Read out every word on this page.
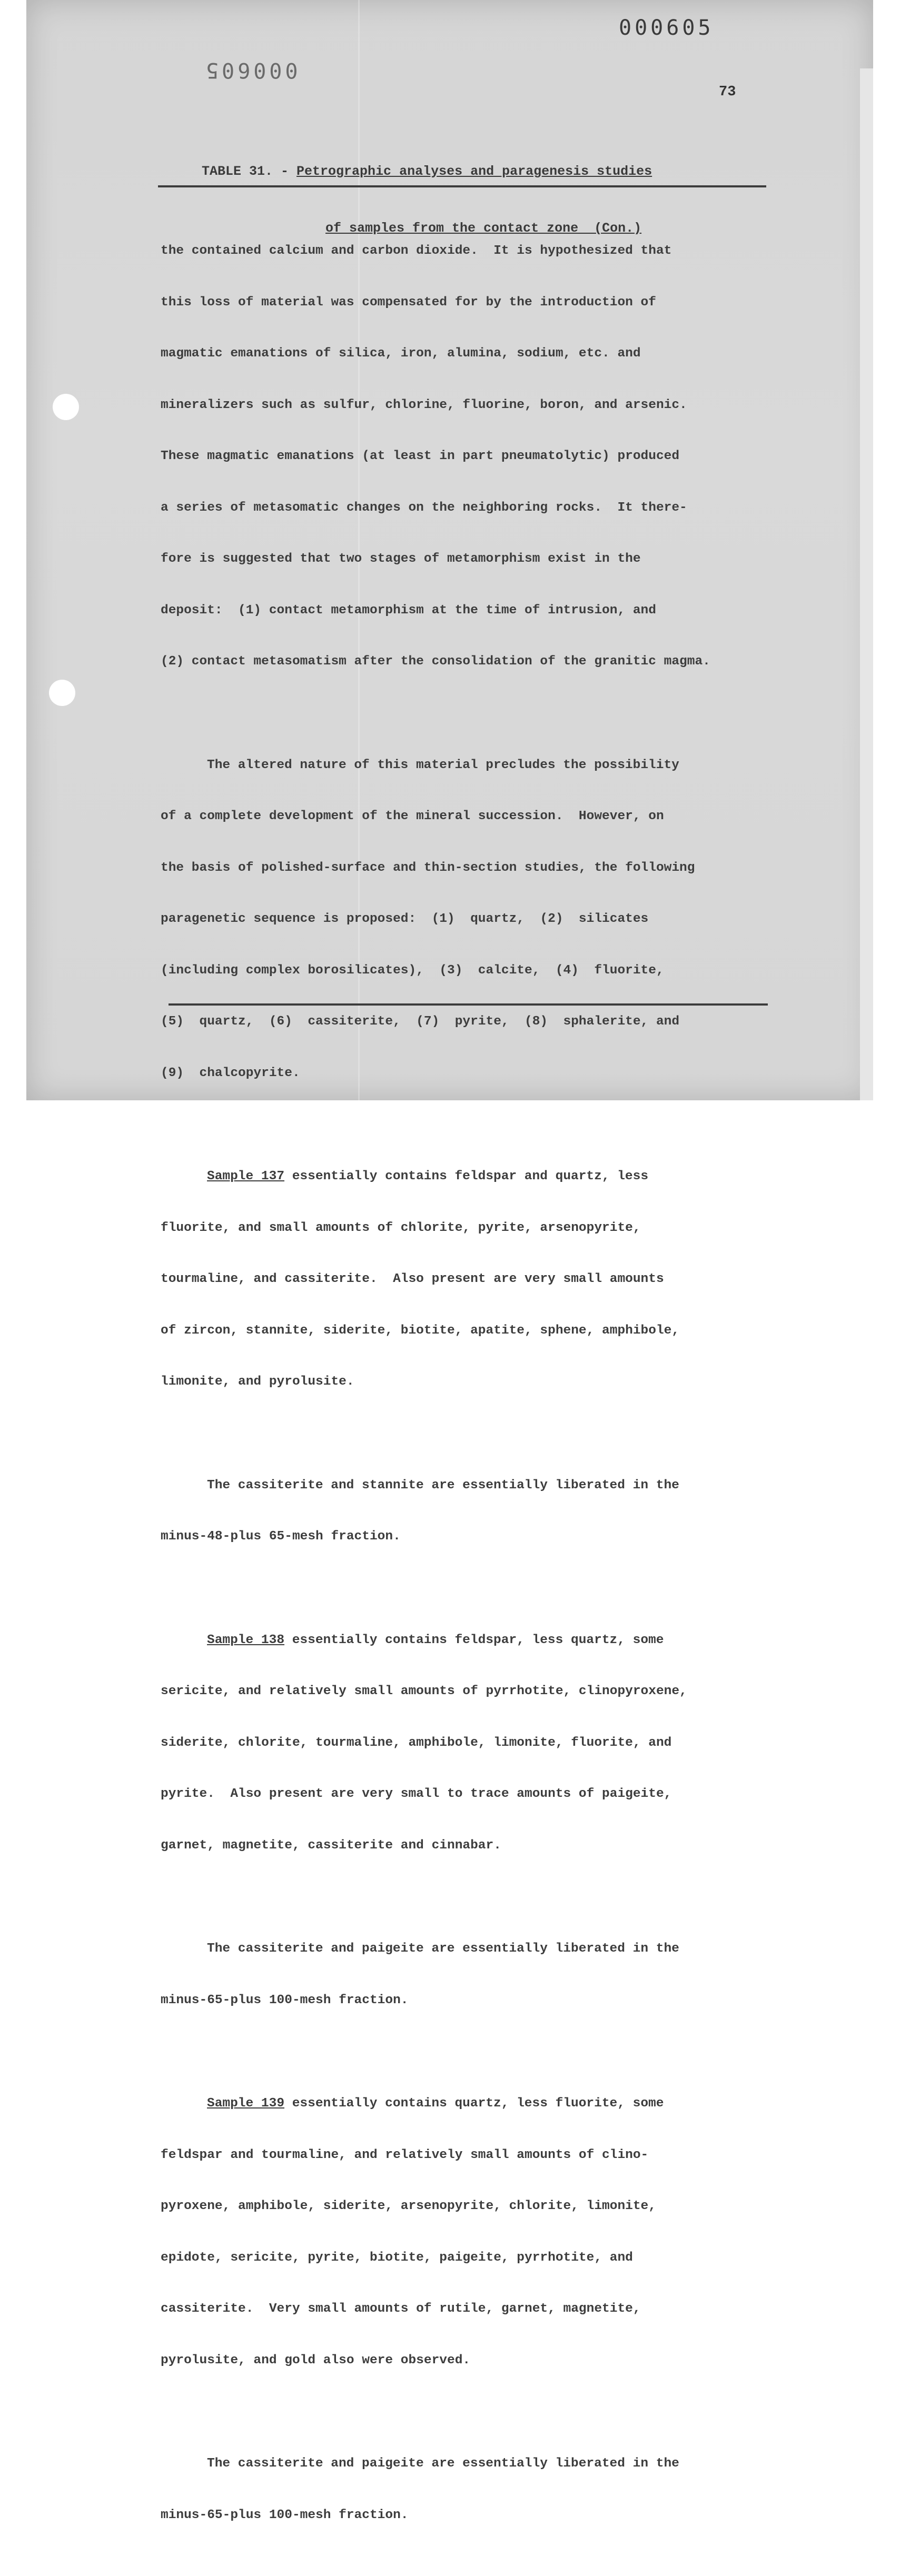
000605
000605
73

TABLE 31. - Petrographic analyses and paragenesis studies

of samples from the contact zone  (Con.)

the contained calcium and carbon dioxide.  It is hypothesized that

this loss of material was compensated for by the introduction of

magmatic emanations of silica, iron, alumina, sodium, etc. and

mineralizers such as sulfur, chlorine, fluorine, boron, and arsenic.

These magmatic emanations (at least in part pneumatolytic) produced

a series of metasomatic changes on the neighboring rocks.  It there-

fore is suggested that two stages of metamorphism exist in the

deposit:  (1) contact metamorphism at the time of intrusion, and

(2) contact metasomatism after the consolidation of the granitic magma.

The altered nature of this material precludes the possibility

of a complete development of the mineral succession.  However, on

the basis of polished-surface and thin-section studies, the following

paragenetic sequence is proposed:  (1)  quartz,  (2)  silicates

(including complex borosilicates),  (3)  calcite,  (4)  fluorite,

(5)  quartz,  (6)  cassiterite,  (7)  pyrite,  (8)  sphalerite, and

(9)  chalcopyrite.

Sample 137 essentially contains feldspar and quartz, less

fluorite, and small amounts of chlorite, pyrite, arsenopyrite,

tourmaline, and cassiterite.  Also present are very small amounts

of zircon, stannite, siderite, biotite, apatite, sphene, amphibole,

limonite, and pyrolusite.

The cassiterite and stannite are essentially liberated in the

minus-48-plus 65-mesh fraction.

Sample 138 essentially contains feldspar, less quartz, some

sericite, and relatively small amounts of pyrrhotite, clinopyroxene,

siderite, chlorite, tourmaline, amphibole, limonite, fluorite, and

pyrite.  Also present are very small to trace amounts of paigeite,

garnet, magnetite, cassiterite and cinnabar.

The cassiterite and paigeite are essentially liberated in the

minus-65-plus 100-mesh fraction.

Sample 139 essentially contains quartz, less fluorite, some

feldspar and tourmaline, and relatively small amounts of clino-

pyroxene, amphibole, siderite, arsenopyrite, chlorite, limonite,

epidote, sericite, pyrite, biotite, paigeite, pyrrhotite, and

cassiterite.  Very small amounts of rutile, garnet, magnetite,

pyrolusite, and gold also were observed.

The cassiterite and paigeite are essentially liberated in the

minus-65-plus 100-mesh fraction.
